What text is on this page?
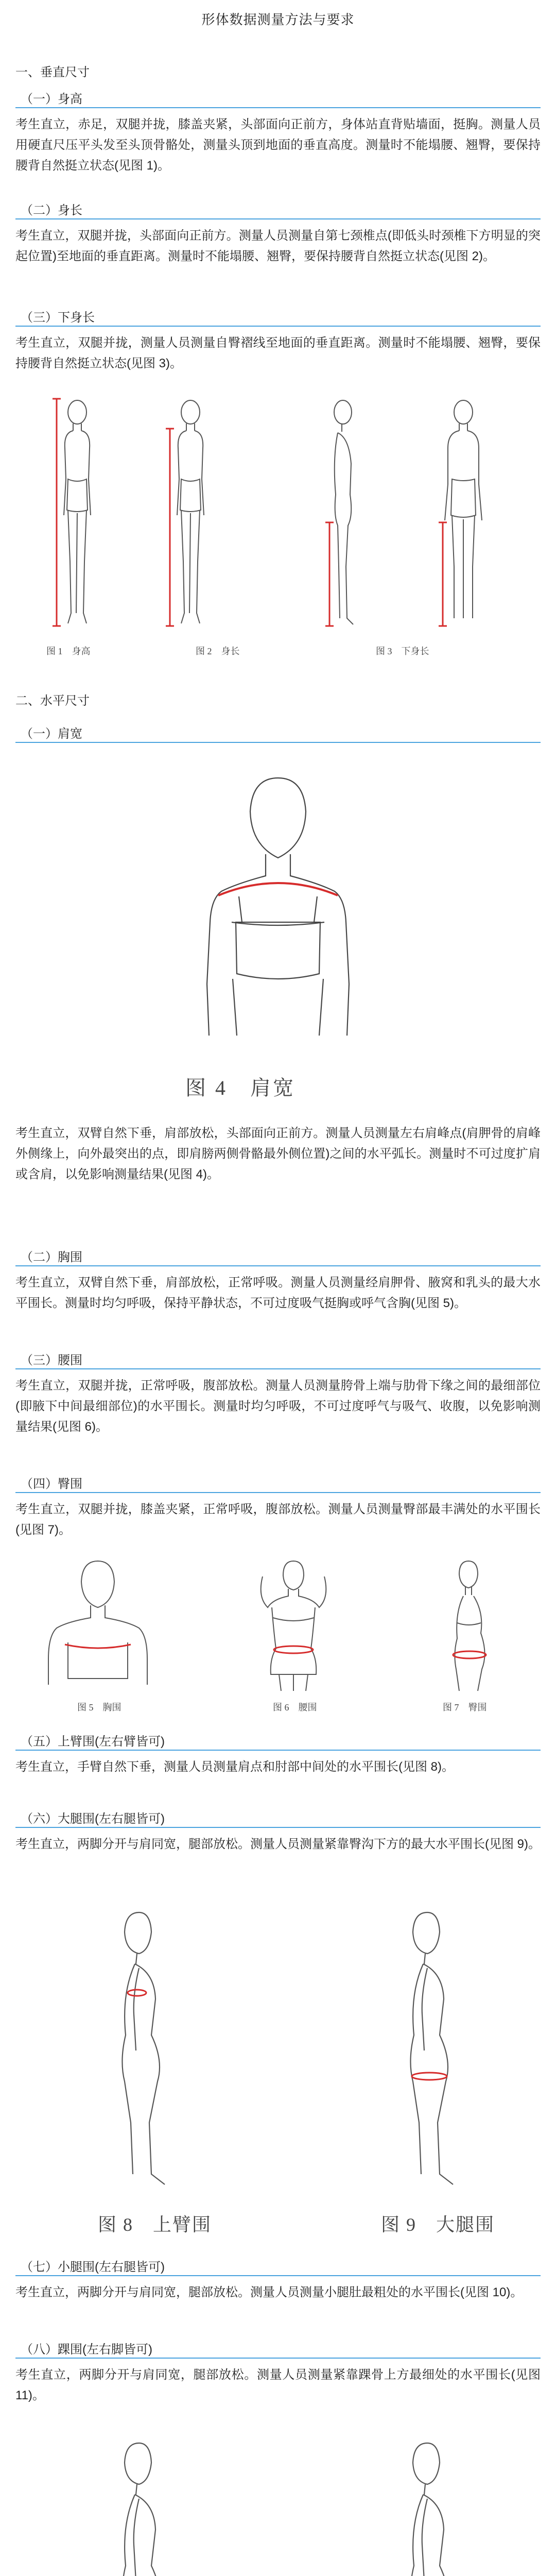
形体数据测量方法与要求
一、垂直尺寸
（一）身高
考生直立，赤足，双腿并拢，膝盖夹紧，头部面向正前方，身体站直背贴墙面，挺胸。测量人员用硬直尺压平头发至头顶骨骼处，测量头顶到地面的垂直高度。测量时不能塌腰、翘臀，要保持腰背自然挺立状态(见图 1)。
（二）身长
考生直立，双腿并拢，头部面向正前方。测量人员测量自第七颈椎点(即低头时颈椎下方明显的突起位置)至地面的垂直距离。测量时不能塌腰、翘臀，要保持腰背自然挺立状态(见图 2)。
（三）下身长
考生直立，双腿并拢，测量人员测量自臀褶线至地面的垂直距离。测量时不能塌腰、翘臀，要保持腰背自然挺立状态(见图 3)。
图 1　身高	图 2　身长	图 3　下身长
二、水平尺寸
（一）肩宽
图 4　肩宽
考生直立，双臂自然下垂，肩部放松，头部面向正前方。测量人员测量左右肩峰点(肩胛骨的肩峰外侧缘上，向外最突出的点，即肩膀两侧骨骼最外侧位置)之间的水平弧长。测量时不可过度扩肩或含肩，以免影响测量结果(见图 4)。
（二）胸围
考生直立，双臂自然下垂，肩部放松，正常呼吸。测量人员测量经肩胛骨、腋窝和乳头的最大水平围长。测量时均匀呼吸，保持平静状态，不可过度吸气挺胸或呼气含胸(见图 5)。
（三）腰围
考生直立，双腿并拢，正常呼吸，腹部放松。测量人员测量胯骨上端与肋骨下缘之间的最细部位(即腋下中间最细部位)的水平围长。测量时均匀呼吸，不可过度呼气与吸气、收腹，以免影响测量结果(见图 6)。
（四）臀围
考生直立，双腿并拢，膝盖夹紧，正常呼吸，腹部放松。测量人员测量臀部最丰满处的水平围长(见图 7)。
图 5　胸围	图 6　腰围	图 7　臀围
（五）上臂围(左右臂皆可)
考生直立，手臂自然下垂，测量人员测量肩点和肘部中间处的水平围长(见图 8)。
（六）大腿围(左右腿皆可)
考生直立，两脚分开与肩同宽，腿部放松。测量人员测量紧靠臀沟下方的最大水平围长(见图 9)。
图 8　上臂围	图 9　大腿围
（七）小腿围(左右腿皆可)
考生直立，两脚分开与肩同宽，腿部放松。测量人员测量小腿肚最粗处的水平围长(见图 10)。
（八）踝围(左右脚皆可)
考生直立，两脚分开与肩同宽，腿部放松。测量人员测量紧靠踝骨上方最细处的水平围长(见图 11)。
